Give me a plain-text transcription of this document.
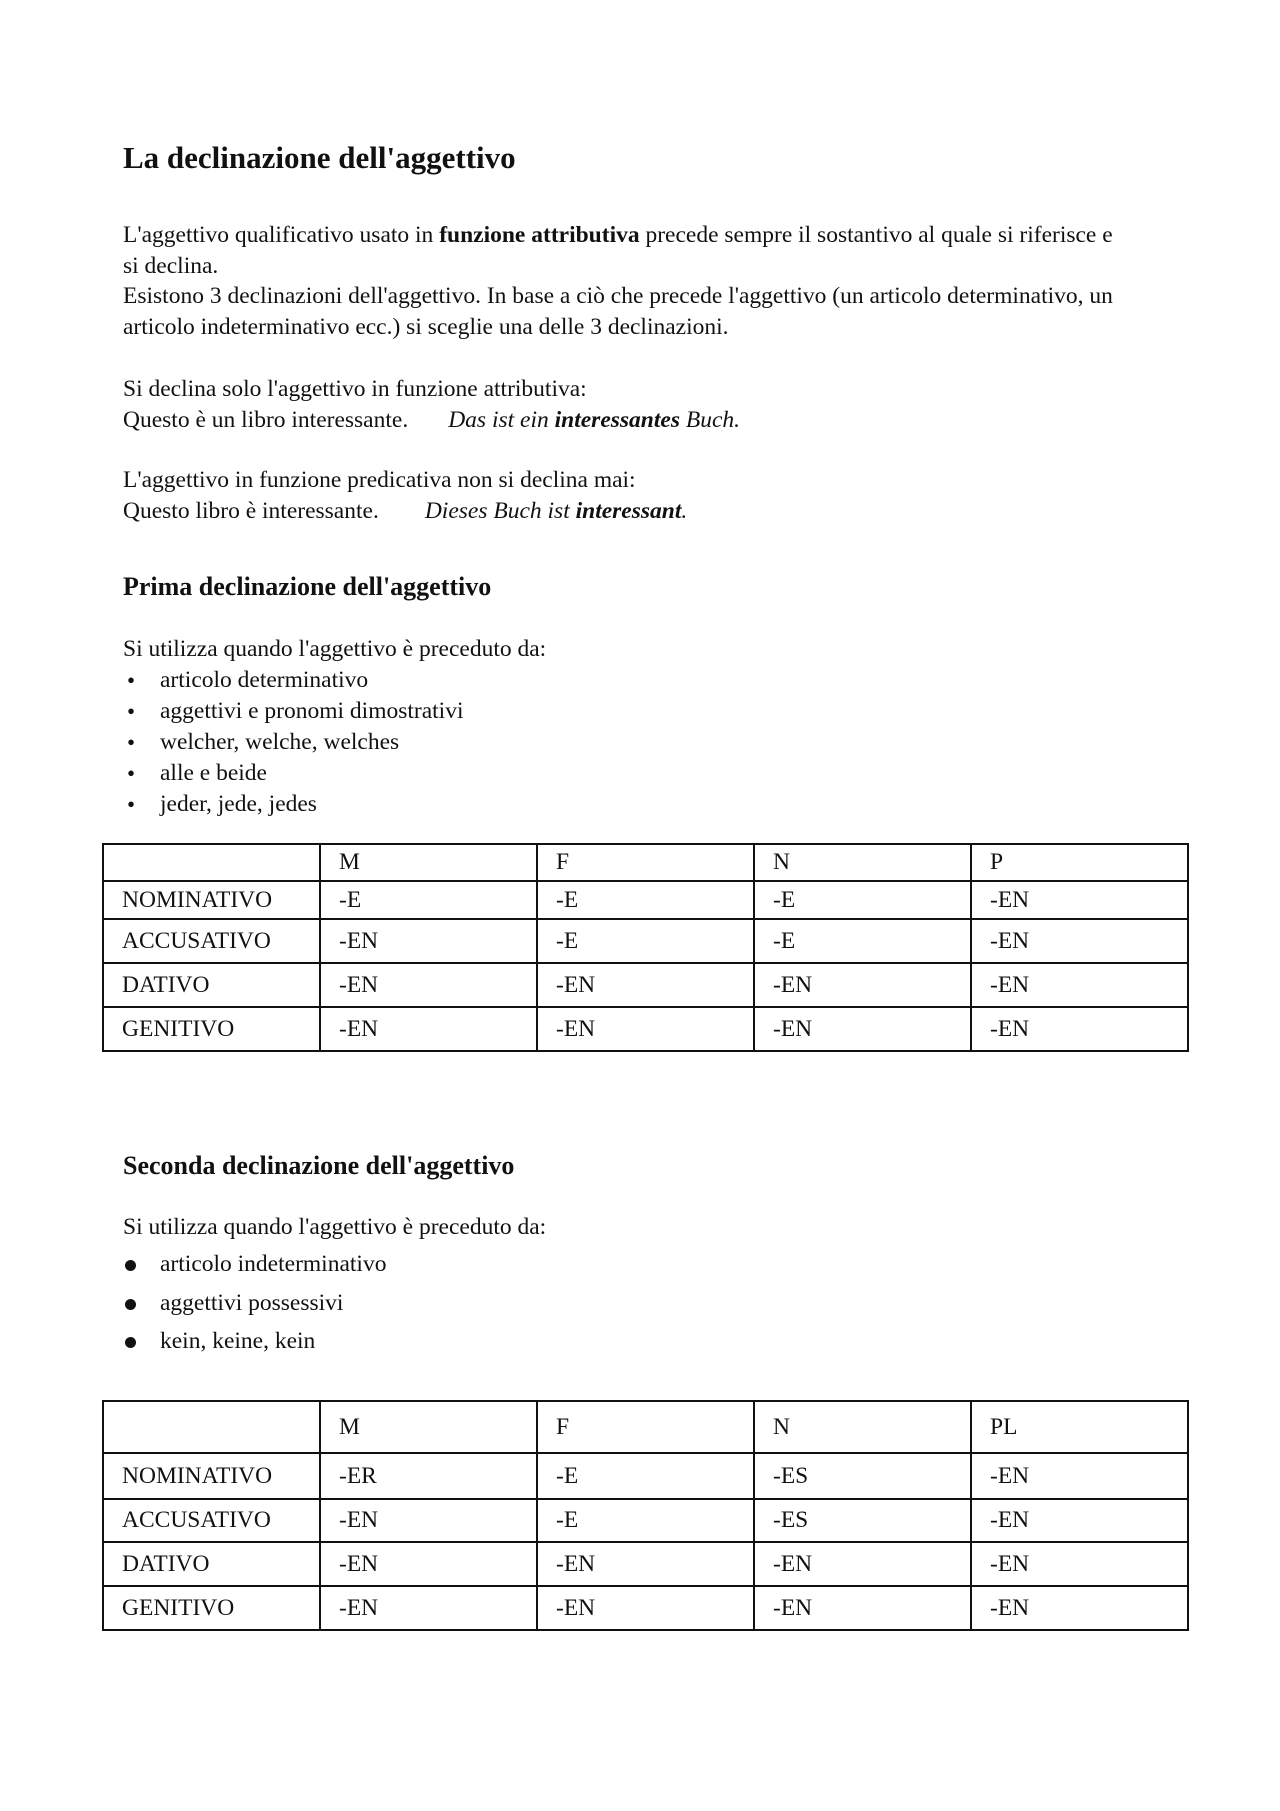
La declinazione dell'aggettivo

L'aggettivo qualificativo usato in funzione attributiva precede sempre il sostantivo al quale si riferisce e si declina.

Esistono 3 declinazioni dell'aggettivo. In base a ciò che precede l'aggettivo (un articolo determinativo, un articolo indeterminativo ecc.) si sceglie una delle 3 declinazioni.

Si declina solo l'aggettivo in funzione attributiva:
Questo è un libro interessante. Das ist ein interessantes Buch.

L'aggettivo in funzione predicativa non si declina mai:
Questo libro è interessante. Dieses Buch ist interessant.

Prima declinazione dell'aggettivo

Si utilizza quando l'aggettivo è preceduto da:

• articolo determinativo
• aggettivi e pronomi dimostrativi
• welcher, welche, welches
• alle e beide
• jeder, jede, jedes
	M	F	N	P
NOMINATIVO	-E	-E	-E	-EN
ACCUSATIVO	-EN	-E	-E	-EN
DATIVO	-EN	-EN	-EN	-EN
GENITIVO	-EN	-EN	-EN	-EN
Seconda declinazione dell'aggettivo

Si utilizza quando l'aggettivo è preceduto da:

articolo indeterminativo
aggettivi possessivi
kein, keine, kein
	M	F	N	PL
NOMINATIVO	-ER	-E	-ES	-EN
ACCUSATIVO	-EN	-E	-ES	-EN
DATIVO	-EN	-EN	-EN	-EN
GENITIVO	-EN	-EN	-EN	-EN
